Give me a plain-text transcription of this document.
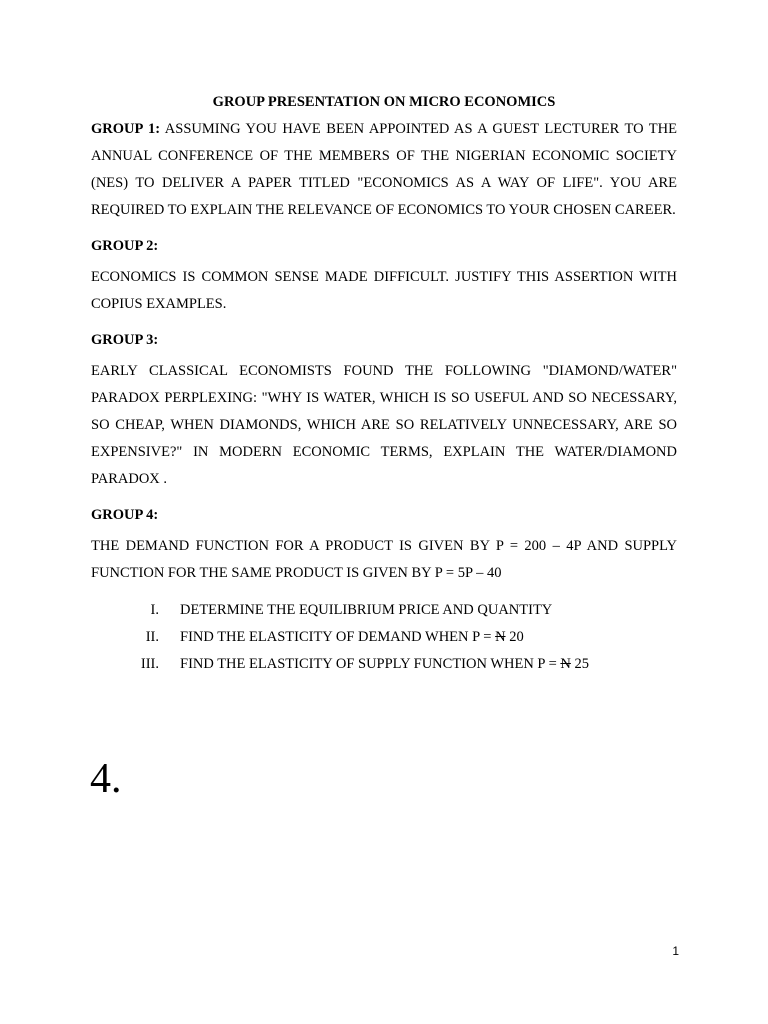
GROUP PRESENTATION ON MICRO ECONOMICS

GROUP 1: ASSUMING YOU HAVE BEEN APPOINTED AS A GUEST LECTURER TO THE ANNUAL CONFERENCE OF THE MEMBERS OF THE NIGERIAN ECONOMIC SOCIETY (NES) TO DELIVER A PAPER TITLED "ECONOMICS AS A WAY OF LIFE". YOU ARE REQUIRED TO EXPLAIN THE RELEVANCE OF ECONOMICS TO YOUR CHOSEN CAREER.

GROUP 2:

ECONOMICS IS COMMON SENSE MADE DIFFICULT. JUSTIFY THIS ASSERTION WITH COPIUS EXAMPLES.

GROUP 3:

EARLY CLASSICAL ECONOMISTS FOUND THE FOLLOWING "DIAMOND/WATER" PARADOX PERPLEXING: "WHY IS WATER, WHICH IS SO USEFUL AND SO NECESSARY, SO CHEAP, WHEN DIAMONDS, WHICH ARE SO RELATIVELY UNNECESSARY, ARE SO EXPENSIVE?" IN MODERN ECONOMIC TERMS, EXPLAIN THE WATER/DIAMOND PARADOX .

GROUP 4:

THE DEMAND FUNCTION FOR A PRODUCT IS GIVEN BY P = 200 – 4P AND SUPPLY FUNCTION FOR THE SAME PRODUCT IS GIVEN BY P = 5P – 40

I. DETERMINE THE EQUILIBRIUM PRICE AND QUANTITY
II. FIND THE ELASTICITY OF DEMAND WHEN P = N 20
III. FIND THE ELASTICITY OF SUPPLY FUNCTION WHEN P = N 25
4.
1
